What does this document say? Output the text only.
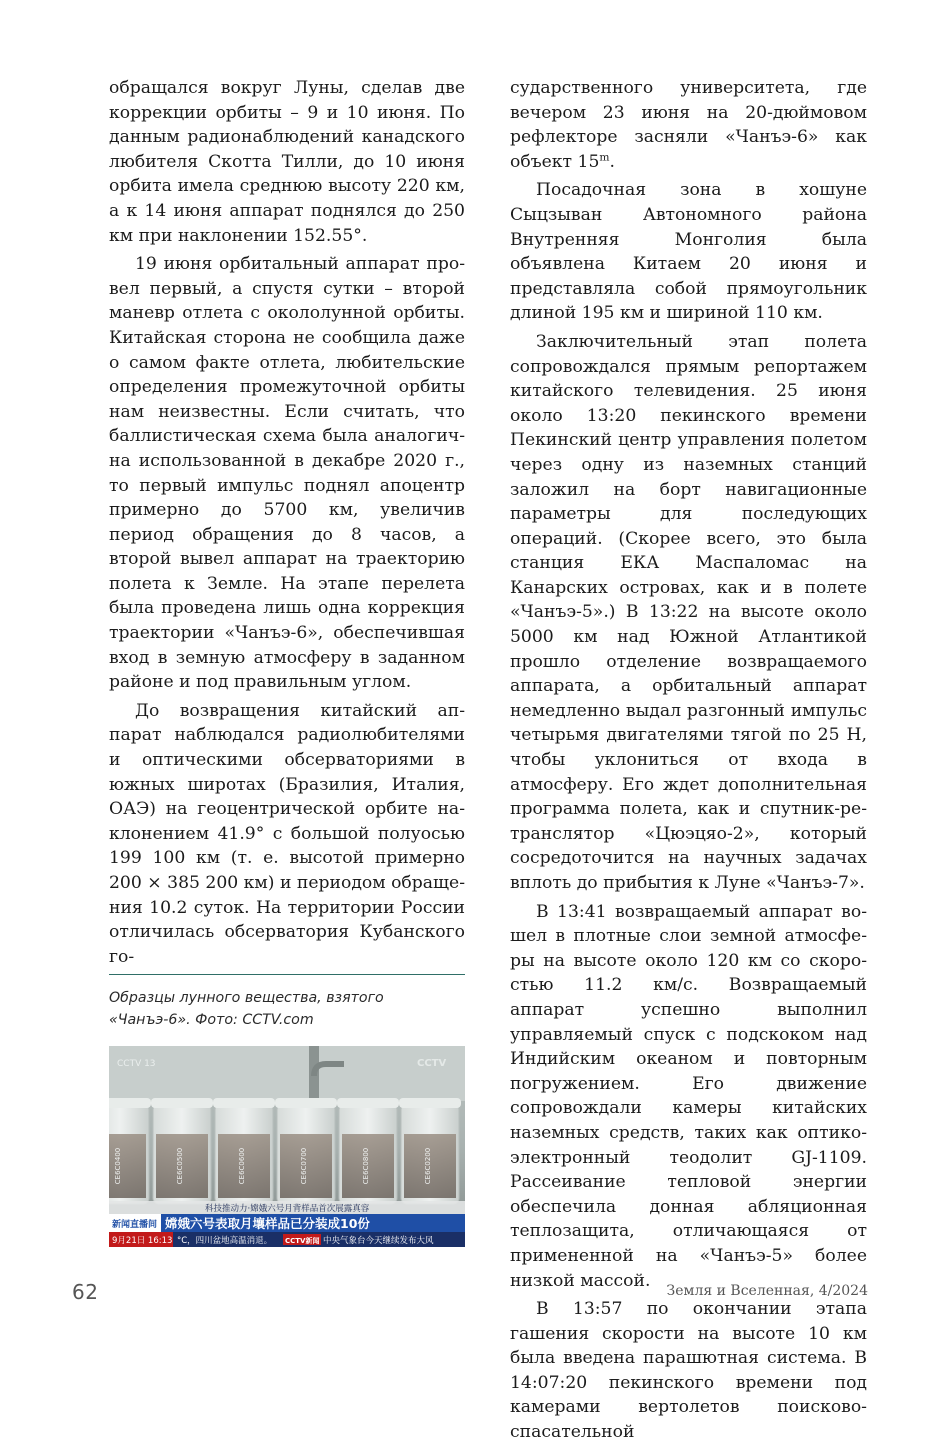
обращался вокруг Луны, сделав две коррекции орбиты – 9 и 10 июня. По данным радионаблюдений канадского любителя Скотта Тилли, до 10 июня орбита имела среднюю высоту 220 км, а к 14 июня аппарат поднялся до 250 км при наклонении 152.55°.

19 июня орбитальный аппарат провел первый, а спустя сутки – второй маневр отлета с окололунной орбиты. Китайская сторона не сообщила даже о самом факте отлета, любительские определения промежуточной орбиты нам неизвестны. Если считать, что баллистическая схема была аналогична использованной в декабре 2020 г., то первый импульс поднял апоцентр примерно до 5700 км, увеличив период обращения до 8 часов, а второй вывел аппарат на траекторию полета к Земле. На этапе перелета была проведена лишь одна коррекция траектории «Чанъэ-6», обеспечившая вход в земную атмосферу в заданном районе и под правильным углом.

До возвращения китайский аппарат наблюдался радиолюбителями и оптическими обсерваториями в южных широтах (Бразилия, Италия, ОАЭ) на геоцентрической орбите наклонением 41.9° с большой полуосью 199 100 км (т. е. высотой примерно 200 × 385 200 км) и периодом обращения 10.2 суток. На территории России отличилась обсерватория Кубанского го-

Образцы лунного вещества, взятого «Чанъэ-6». Фото: CCTV.com
CE6C0400	CE6C0500	CE6C0600	CE6C0700	CE6C0800	CE6C0200
科技推动力·嫦娥六号月背样品首次展露真容
新闻直播间 嫦娥六号表取月壤样品已分装成10份
9月21日 16:13 °C，四川盆地高温消退。 CCTV新闻 中央气象台今天继续发布大风
CCTV 13	CCTV

сударственного университета, где вечером 23 июня на 20-дюймовом рефлекторе засняли «Чанъэ-6» как объект 15$^m$.

Посадочная зона в хошуне Сыцзыван Автономного района Внутренняя Монголия была объявлена Китаем 20 июня и представляла собой прямоугольник длиной 195 км и шириной 110 км.

Заключительный этап полета сопровождался прямым репортажем китайского телевидения. 25 июня около 13:20 пекинского времени Пекинский центр управления полетом через одну из наземных станций заложил на борт навигационные параметры для последующих операций. (Скорее всего, это была станция ЕКА Маспаломас на Канарских островах, как и в полете «Чанъэ-5».) В 13:22 на высоте около 5000 км над Южной Атлантикой прошло отделение возвращаемого аппарата, а орбитальный аппарат немедленно выдал разгонный импульс четырьмя двигателями тягой по 25 Н, чтобы уклониться от входа в атмосферу. Его ждет дополнительная программа полета, как и спутник-ретранслятор «Цюэцяо-2», который сосредоточится на научных задачах вплоть до прибытия к Луне «Чанъэ-7».

В 13:41 возвращаемый аппарат вошел в плотные слои земной атмосферы на высоте около 120 км со скоростью 11.2 км/с. Возвращаемый аппарат успешно выполнил управляемый спуск с подскоком над Индийским океаном и повторным погружением. Его движение сопровождали камеры китайских наземных средств, таких как оптико-электронный теодолит GJ-1109. Рассеивание тепловой энергии обеспечила донная абляционная теплозащита, отличающаяся от примененной на «Чанъэ-5» более низкой массой.

В 13:57 по окончании этапа гашения скорости на высоте 10 км была введена парашютная система. В 14:07:20 пекинского времени под камерами вертолетов поисково-спасательной

62	Земля и Вселенная, 4/2024
